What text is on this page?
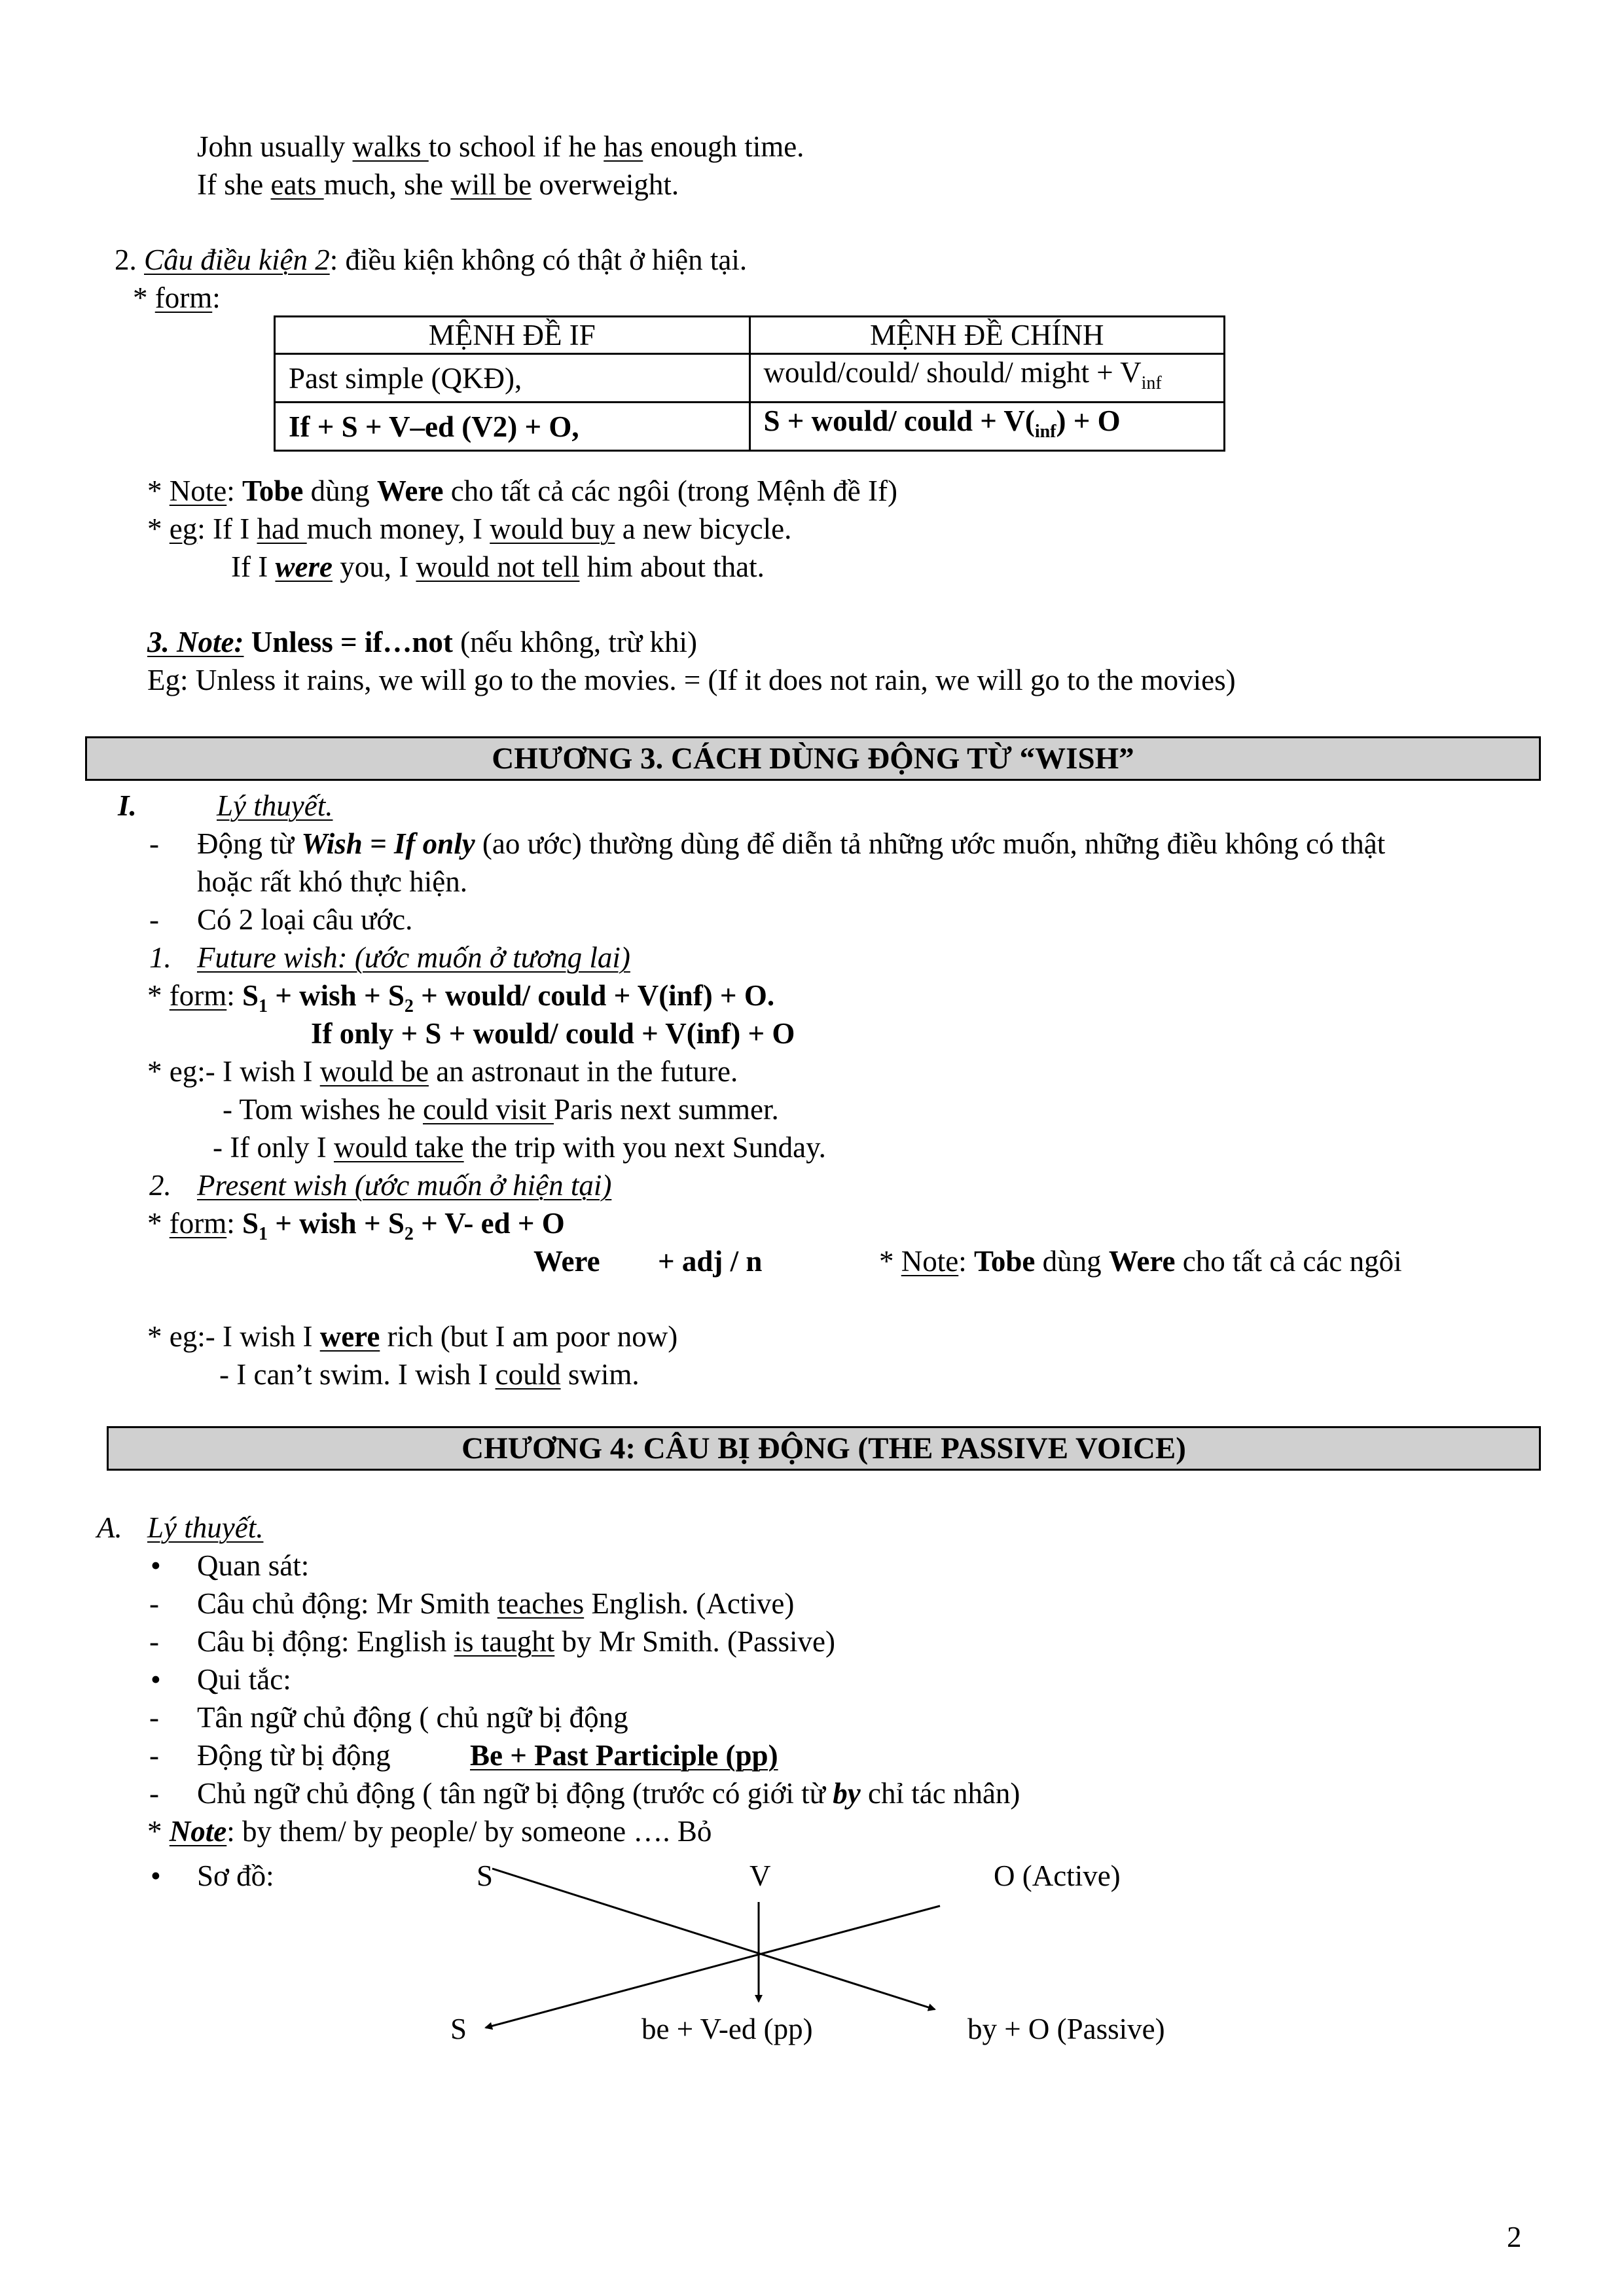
John usually walks to school if he has enough time.
If she eats much, she will be overweight.
2. Câu điều kiện 2: điều kiện không có thật ở hiện tại.
* form:
MỆNH ĐỀ IF	MỆNH ĐỀ CHÍNH
Past simple (QKĐ),	would/could/ should/ might + $V_{inf}$
If + S + V–ed (V2) + O,	S + would/ could + $V(_{inf}) + O$
* Note: Tobe dùng Were cho tất cả các ngôi (trong Mệnh đề If)
* eg: If I had much money, I would buy a new bicycle.
If I were you, I would not tell him about that.
3. Note: Unless = if…not (nếu không, trừ khi)
Eg: Unless it rains, we will go to the movies. = (If it does not rain, we will go to the movies)
CHƯƠNG 3. CÁCH DÙNG ĐỘNG TỪ “WISH”
I.	Lý thuyết.
- Động từ Wish = If only (ao ước) thường dùng để diễn tả những ước muốn, những điều không có thật
hoặc rất khó thực hiện.
- Có 2 loại câu ước.
1. Future wish: (ước muốn ở tương lai)
* form: $S_1$ + wish + $S_2$ + would/ could + V(inf) + O.
If only + S + would/ could + V(inf) + O
* eg:- I wish I would be an astronaut in the future.
- Tom wishes he could visit Paris next summer.
- If only I would take the trip with you next Sunday.
2. Present wish (ước muốn ở hiện tại)
* form: $S_1$ + wish + $S_2 + V-$ ed + O
Were + adj / n	* Note: Tobe dùng Were cho tất cả các ngôi
* eg:- I wish I were rich (but I am poor now)
- I can’t swim. I wish I could swim.
CHƯƠNG 4: CÂU BỊ ĐỘNG (THE PASSIVE VOICE)
A. Lý thuyết.
• Quan sát:
- Câu chủ động: Mr Smith teaches English. (Active)
- Câu bị động: English is taught by Mr Smith. (Passive)
• Qui tắc:
- Tân ngữ chủ động ( chủ ngữ bị động
- Động từ bị động	Be + Past Participle (pp)
- Chủ ngữ chủ động ( tân ngữ bị động (trước có giới từ by chỉ tác nhân)
* Note: by them/ by people/ by someone …. Bỏ
• Sơ đồ:	S	V	O (Active)
S	be + V-ed (pp)	by + O (Passive)
2
